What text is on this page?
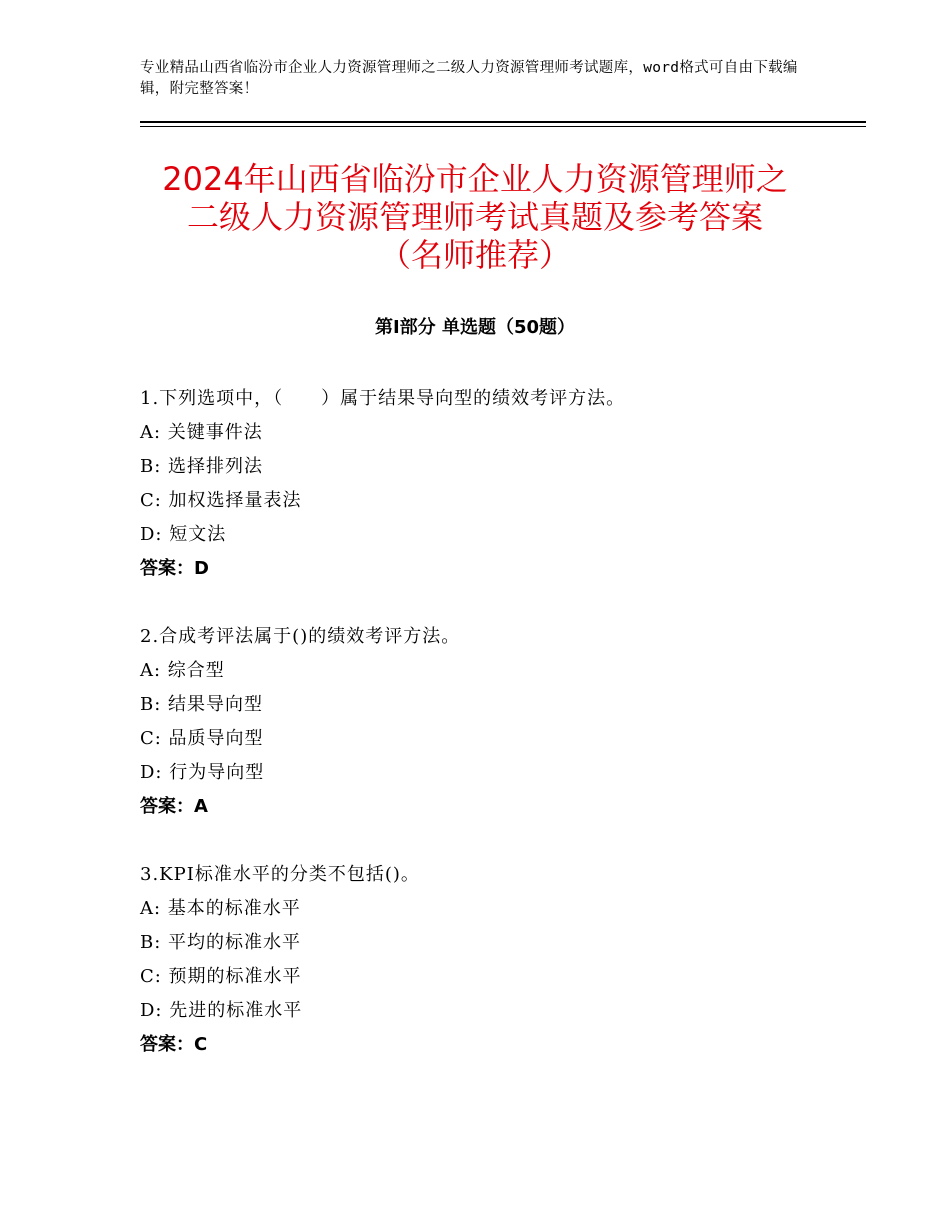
专业精品山西省临汾市企业人力资源管理师之二级人力资源管理师考试题库，word格式可自由下载编辑，附完整答案！
2024年山西省临汾市企业人力资源管理师之
二级人力资源管理师考试真题及参考答案
（名师推荐）
第Ⅰ部分 单选题（50题）
1.下列选项中，（　　）属于结果导向型的绩效考评方法。
A: 关键事件法
B: 选择排列法
C: 加权选择量表法
D: 短文法
答案：D
2.合成考评法属于()的绩效考评方法。
A: 综合型
B: 结果导向型
C: 品质导向型
D: 行为导向型
答案：A
3.KPI标准水平的分类不包括()。
A: 基本的标准水平
B: 平均的标准水平
C: 预期的标准水平
D: 先进的标准水平
答案：C
